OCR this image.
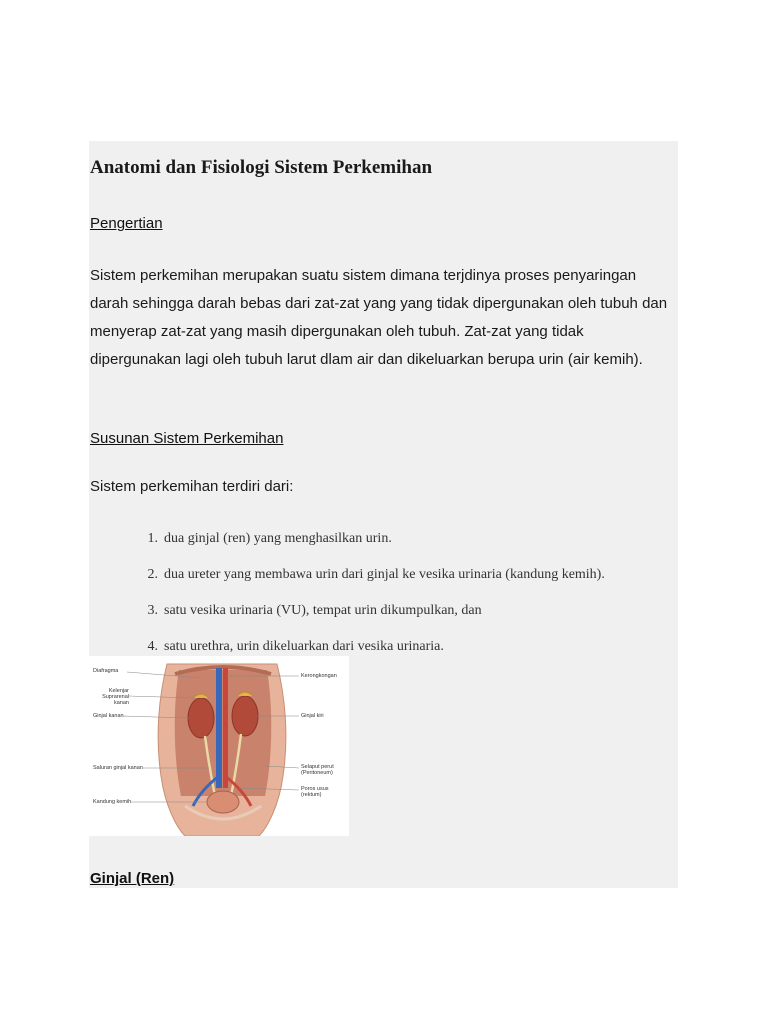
Anatomi dan Fisiologi Sistem Perkemihan
Pengertian
Sistem perkemihan merupakan suatu sistem dimana terjdinya proses penyaringan darah sehingga darah bebas dari zat-zat yang yang tidak dipergunakan oleh tubuh dan menyerap zat-zat yang masih dipergunakan oleh tubuh. Zat-zat yang tidak dipergunakan lagi oleh tubuh larut dlam air dan dikeluarkan berupa urin (air kemih).
Susunan Sistem Perkemihan
Sistem perkemihan terdiri dari:
1. dua ginjal (ren) yang menghasilkan urin.
2. dua ureter yang membawa urin dari ginjal ke vesika urinaria (kandung kemih).
3. satu vesika urinaria (VU), tempat urin dikumpulkan, dan
4. satu urethra, urin dikeluarkan dari vesika urinaria.
Diafragma
Kelenjar Suprarenal kanan
Ginjal kanan
Saluran ginjal kanan
Kandung kemih
Kerongkongan
Ginjal kiri
Selaput perut (Peritoneum)
Poros usus (rektum)
Ginjal (Ren)
